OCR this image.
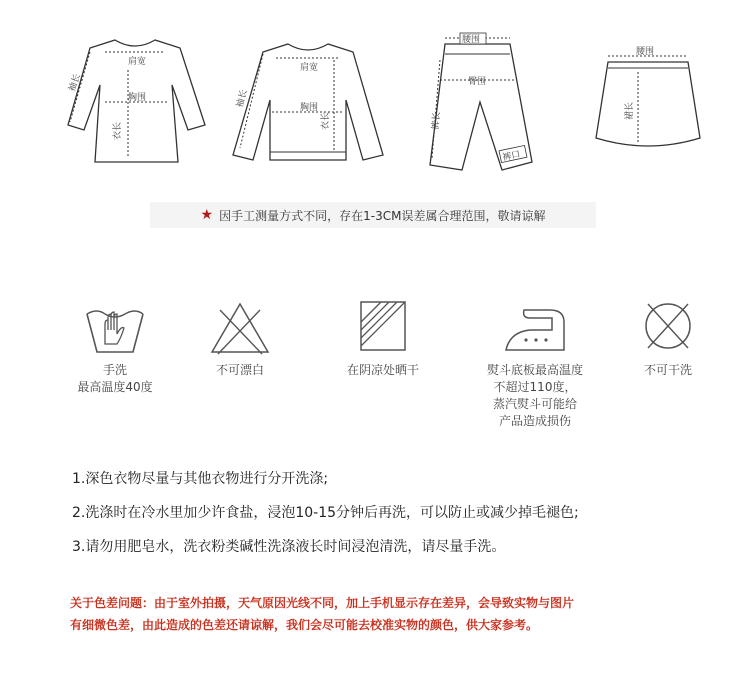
肩宽
胸围
衣长
袖长
肩宽
胸围
衣长
袖长
腰围
臀围
裤长
裤口
腰围
裙长
★ 因手工测量方式不同，存在1-3CM误差属合理范围，敬请谅解
手洗
最高温度40度
不可漂白	在阴凉处晒干	熨斗底板最高温度
不超过110度，
蒸汽熨斗可能给
产品造成损伤
不可干洗
1.深色衣物尽量与其他衣物进行分开洗涤;
2.洗涤时在冷水里加少许食盐，浸泡10-15分钟后再洗，可以防止或减少掉毛褪色;
3.请勿用肥皂水，洗衣粉类碱性洗涤液长时间浸泡清洗，请尽量手洗。
关于色差问题：由于室外拍摄，天气原因光线不同，加上手机显示存在差异，会导致实物与图片
有细微色差，由此造成的色差还请谅解，我们会尽可能去校准实物的颜色，供大家参考。
